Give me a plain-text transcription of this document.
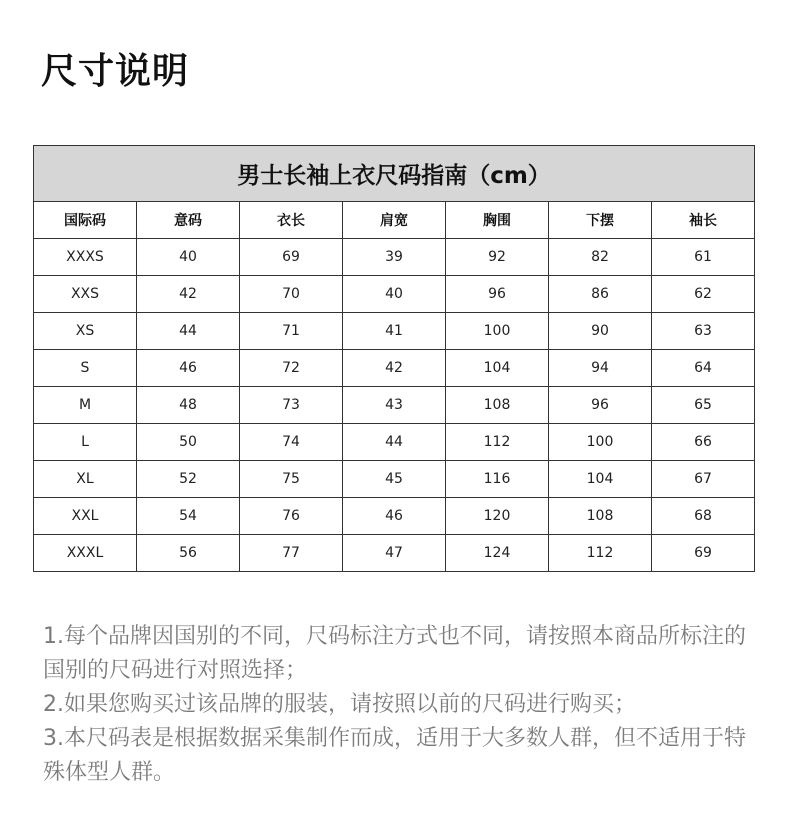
尺寸说明
男士长袖上衣尺码指南（cm）						
国际码	意码	衣长	肩宽	胸围	下摆	袖长
XXXS	40	69	39	92	82	61
XXS	42	70	40	96	86	62
XS	44	71	41	100	90	63
S	46	72	42	104	94	64
M	48	73	43	108	96	65
L	50	74	44	112	100	66
XL	52	75	45	116	104	67
XXL	54	76	46	120	108	68
XXXL	56	77	47	124	112	69

1.每个品牌因国别的不同，尺码标注方式也不同，请按照本商品所标注的国别的尺码进行对照选择；

2.如果您购买过该品牌的服装，请按照以前的尺码进行购买；

3.本尺码表是根据数据采集制作而成，适用于大多数人群，但不适用于特殊体型人群。
